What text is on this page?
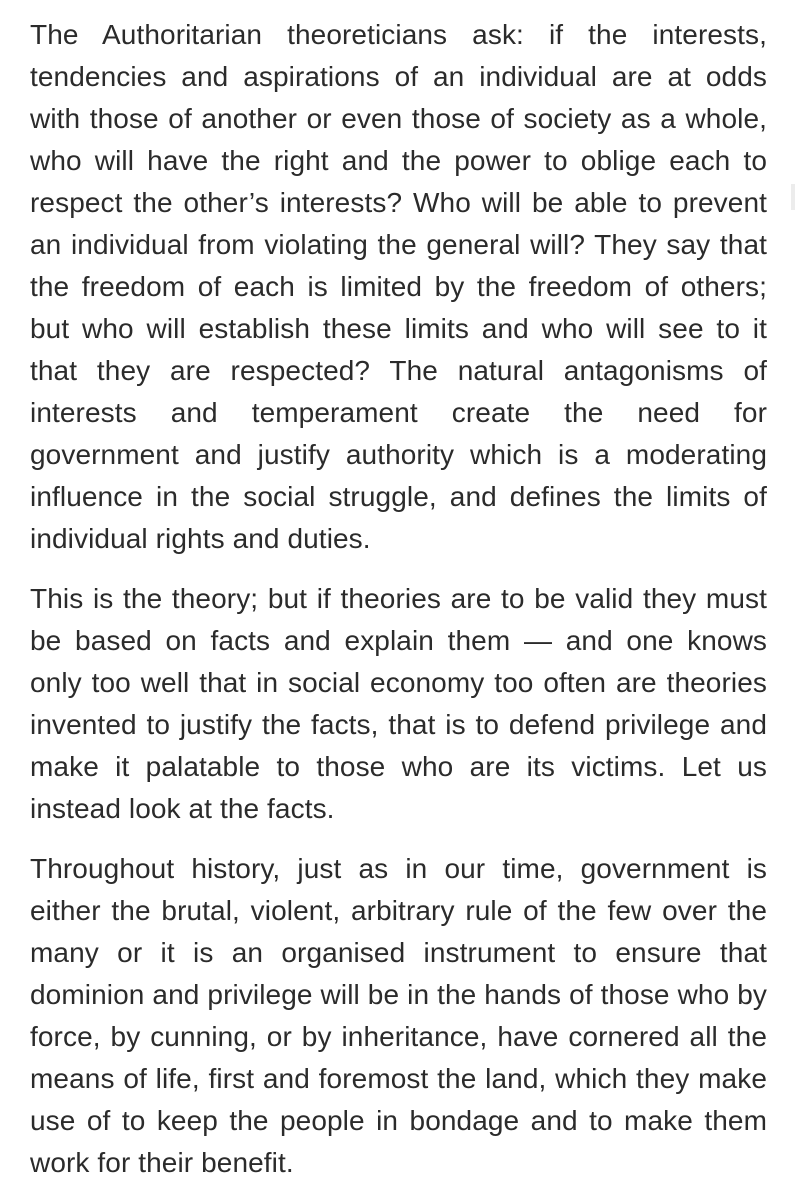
The Authoritarian theoreticians ask: if the interests, tendencies and aspirations of an individual are at odds with those of another or even those of society as a whole, who will have the right and the power to oblige each to respect the other’s interests? Who will be able to prevent an individual from violating the general will? They say that the freedom of each is limited by the freedom of others; but who will establish these limits and who will see to it that they are respected? The natural antagonisms of interests and temperament create the need for government and justify authority which is a moderating influence in the social struggle, and defines the limits of individual rights and duties.

This is the theory; but if theories are to be valid they must be based on facts and explain them — and one knows only too well that in social economy too often are theories invented to justify the facts, that is to defend privilege and make it palatable to those who are its victims. Let us instead look at the facts.

Throughout history, just as in our time, government is either the brutal, violent, arbitrary rule of the few over the many or it is an organised instrument to ensure that dominion and privilege will be in the hands of those who by force, by cunning, or by inheritance, have cornered all the means of life, first and foremost the land, which they make use of to keep the people in bondage and to make them work for their benefit.
